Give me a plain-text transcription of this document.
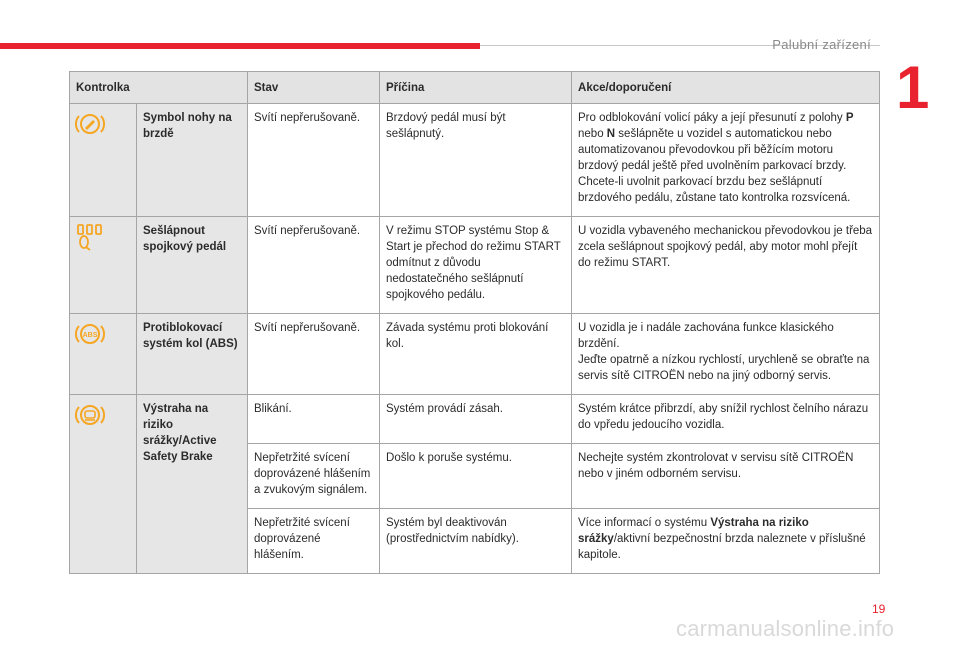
Palubní zařízení
1
Kontrolka		Stav	Příčina	Akce/doporučení
	Symbol nohy na brzdě	Svítí nepřerušovaně.	Brzdový pedál musí být sešlápnutý.	Pro odblokování volicí páky a její přesunutí z polohy P nebo N sešlápněte u vozidel s automatickou nebo automatizovanou převodovkou při běžícím motoru brzdový pedál ještě před uvolněním parkovací brzdy.
Chcete-li uvolnit parkovací brzdu bez sešlápnutí brzdového pedálu, zůstane tato kontrolka rozsvícená.
	Sešlápnout spojkový pedál	Svítí nepřerušovaně.	V režimu STOP systému Stop & Start je přechod do režimu START odmítnut z důvodu nedostatečného sešlápnutí spojkového pedálu.	U vozidla vybaveného mechanickou převodovkou je třeba zcela sešlápnout spojkový pedál, aby motor mohl přejít do režimu START.

ABS	Protiblokovací systém kol (ABS)	Svítí nepřerušovaně.	Závada systému proti blokování kol.	U vozidla je i nadále zachována funkce klasického brzdění.
Jeďte opatrně a nízkou rychlostí, urychleně se obraťte na servis sítě CITROËN nebo na jiný odborný servis.
	Výstraha na riziko srážky/Active Safety Brake	Blikání.	Systém provádí zásah.	Systém krátce přibrzdí, aby snížil rychlost čelního nárazu do vpředu jedoucího vozidla.
		Nepřetržité svícení doprovázené hlášením a zvukovým signálem.	Došlo k poruše systému.	Nechejte systém zkontrolovat v servisu sítě CITROËN nebo v jiném odborném servisu.
		Nepřetržité svícení doprovázené hlášením.	Systém byl deaktivován (prostřednictvím nabídky).	Více informací o systému Výstraha na riziko srážky/aktivní bezpečnostní brzda naleznete v příslušné kapitole.
19
carmanualsonline.info
